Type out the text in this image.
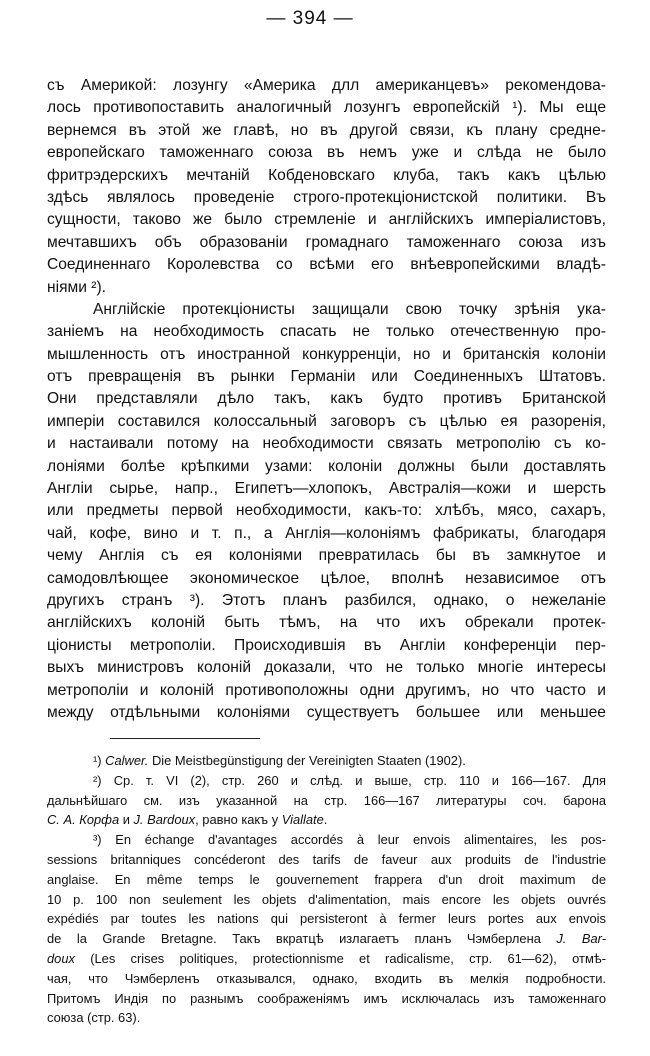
— 394 —
съ Америкой: лозунгу «Америка длл американцевъ» рекомендова-
лось противопоставить аналогичный лозунгъ европейскій ¹). Мы еще
вернемся въ этой же главѣ, но въ другой связи, къ плану средне-
европейскаго таможеннаго союза въ немъ уже и слѣда не было
фритрэдерскихъ мечтаній Кобденовскаго клуба, такъ какъ цѣлью
здѣсь являлось проведеніе строго-протекціонистской политики. Въ
сущности, таково же было стремленіе и англійскихъ имперіалистовъ,
мечтавшихъ объ образованіи громаднаго таможеннаго союза изъ
Соединеннаго Королевства со всѣми его внѣевропейскими владѣ-
ніями ²).
Англійскіе протекціонисты защищали свою точку зрѣнія ука-
заніемъ на необходимость спасать не только отечественную про-
мышленность отъ иностранной конкурренціи, но и британскія колоніи
отъ превращенія въ рынки Германіи или Соединенныхъ Штатовъ.
Они представляли дѣло такъ, какъ будто противъ Британской
имперіи составился колоссальный заговоръ съ цѣлью ея разоренія,
и настаивали потому на необходимости связать метрополію съ ко-
лоніями болѣе крѣпкими узами: колоніи должны были доставлять
Англіи сырье, напр., Египетъ—хлопокъ, Австралія—кожи и шерсть
или предметы первой необходимости, какъ-то: хлѣбъ, мясо, сахаръ,
чай, кофе, вино и т. п., а Англія—колоніямъ фабрикаты, благодаря
чему Англія съ ея колоніями превратилась бы въ замкнутое и
самодовлѣющее экономическое цѣлое, вполнѣ независимое отъ
другихъ странъ ³). Этотъ планъ разбился, однако, о нежеланіе
англійскихъ колоній быть тѣмъ, на что ихъ обрекали протек-
ціонисты метрополіи. Происходившія въ Англіи конференціи пер-
выхъ министровъ колоній доказали, что не только многіе интересы
метрополіи и колоній противоположны одни другимъ, но что часто и
между отдѣльными колоніями существуетъ большее или меньшее
¹) Calwer. Die Meistbegünstigung der Vereinigten Staaten (1902).
²) Ср. т. VI (2), стр. 260 и слѣд. и выше, стр. 110 и 166—167. Для
дальнѣйшаго см. изъ указанной на стр. 166—167 литературы соч. барона
С. А. Корфа и J. Bardoux, равно какъ у Viallate.
³) En échange d'avantages accordés à leur envois alimentaires, les pos-
sessions britanniques concéderont des tarifs de faveur aux produits de l'industrie
anglaise. En même temps le gouvernement frappera d'un droit maximum de
10 p. 100 non seulement les objets d'alimentation, mais encore les objets ouvrés
expédiés par toutes les nations qui persisteront à fermer leurs portes aux envois
de la Grande Bretagne. Такъ вкратцѣ излагаетъ планъ Чэмберлена J. Bar-
doux (Les crises politiques, protectionnisme et radicalisme, стр. 61—62), отмѣ-
чая, что Чэмберленъ отказывался, однако, входить въ мелкія подробности.
Притомъ Индія по разнымъ соображеніямъ имъ исключалась изъ таможеннаго
союза (стр. 63).
